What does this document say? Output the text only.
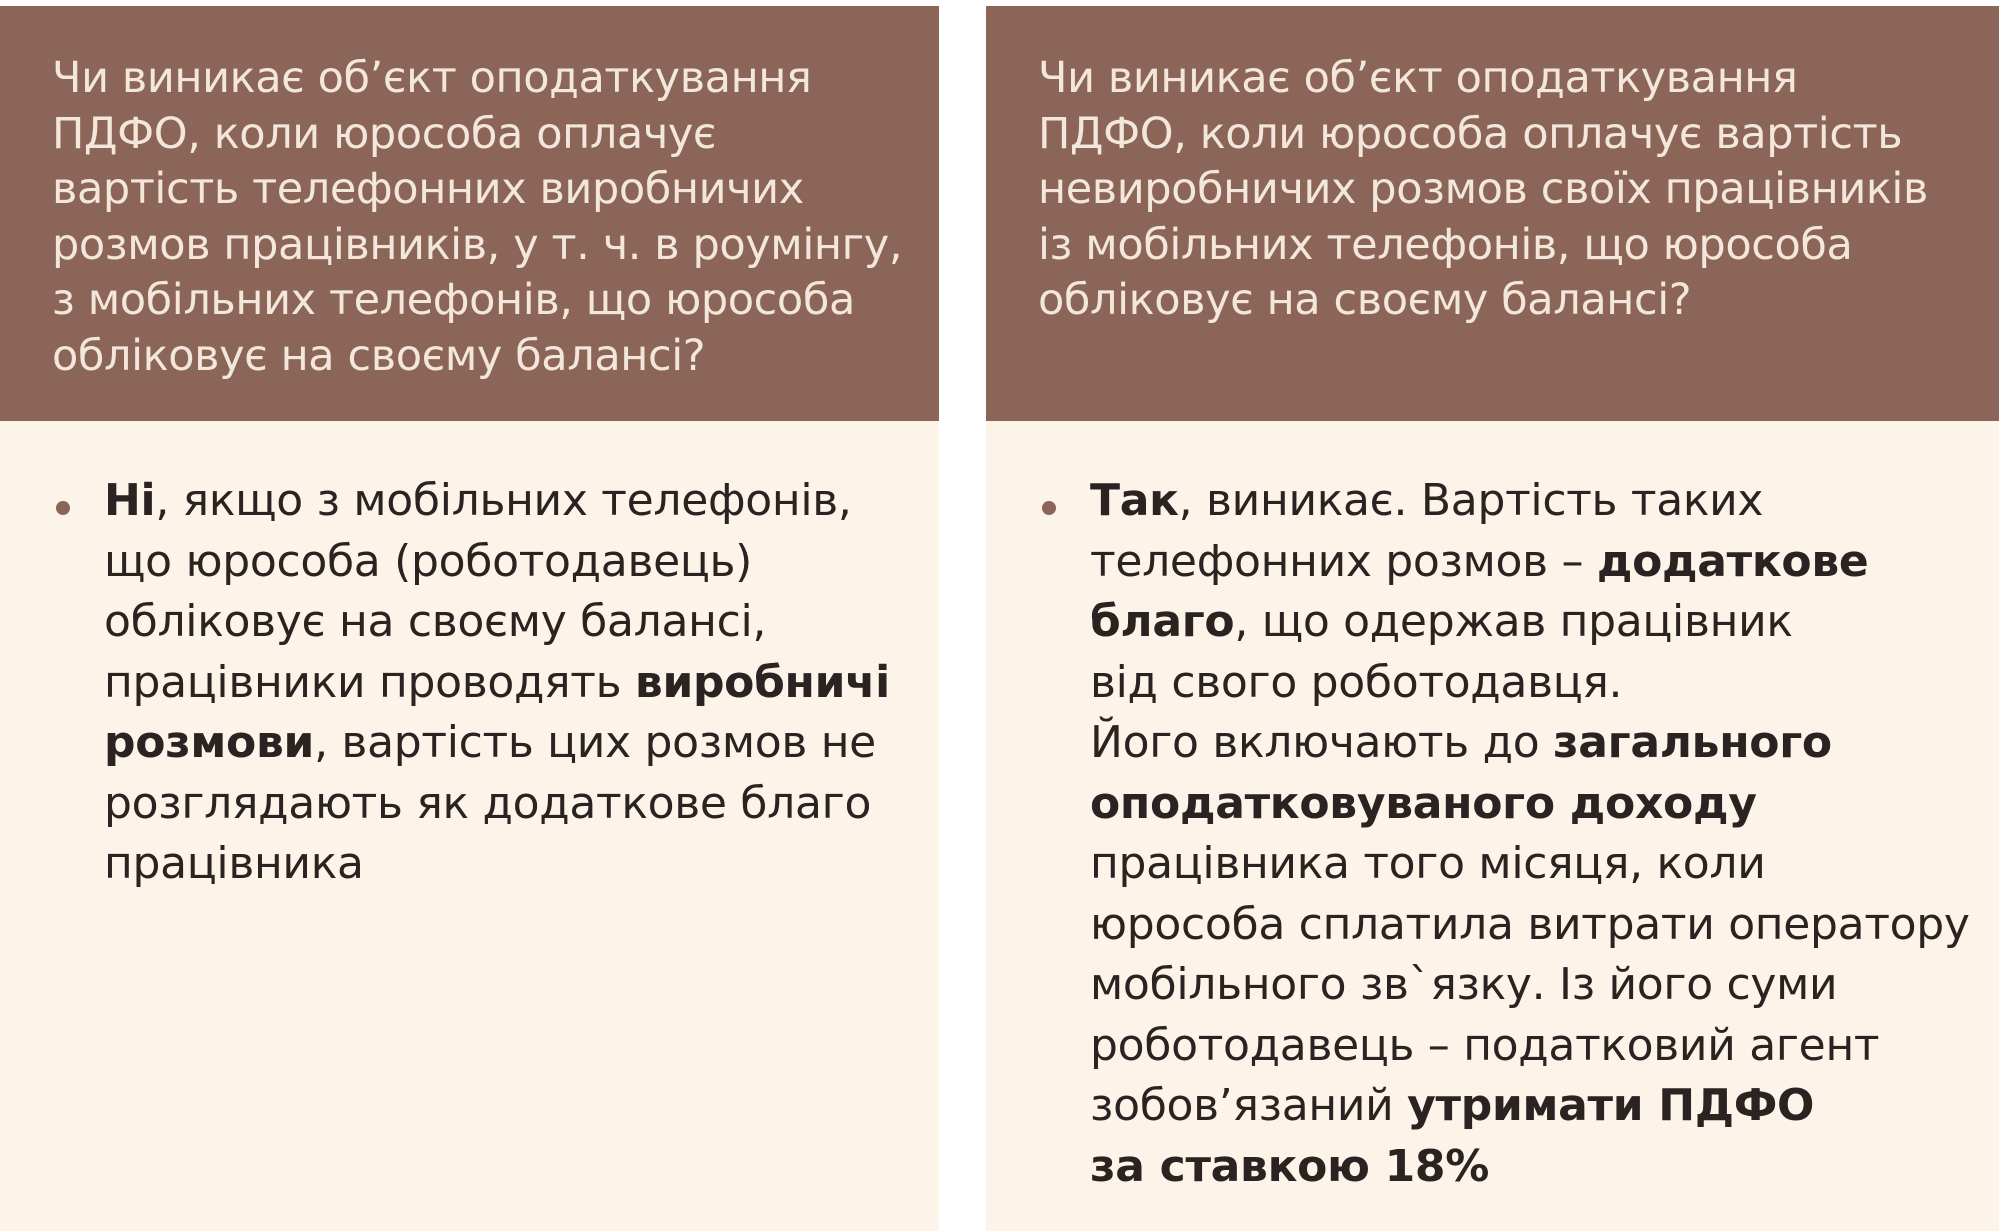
Чи виникає об’єкт оподаткування
ПДФО, коли юрособа оплачує
вартість телефонних виробничих
розмов працівників, у т. ч. в роумінгу,
з мобільних телефонів, що юрособа
обліковує на своєму балансі?
Ні, якщо з мобільних телефонів,
що юрособа (роботодавець)
обліковує на своєму балансі,
працівники проводять виробничі
розмови, вартість цих розмов не
розглядають як додаткове благо
працівника
Чи виникає об’єкт оподаткування
ПДФО, коли юрособа оплачує вартість
невиробничих розмов своїх працівників
із мобільних телефонів, що юрособа
обліковує на своєму балансі?
Так, виникає. Вартість таких
телефонних розмов – додаткове
благо, що одержав працівник
від свого роботодавця.
Його включають до загального
оподатковуваного доходу
працівника того місяця, коли
юрособа сплатила витрати оператору
мобільного зв`язку. Із його суми
роботодавець – податковий агент
зобов’язаний утримати ПДФО
за ставкою 18%
